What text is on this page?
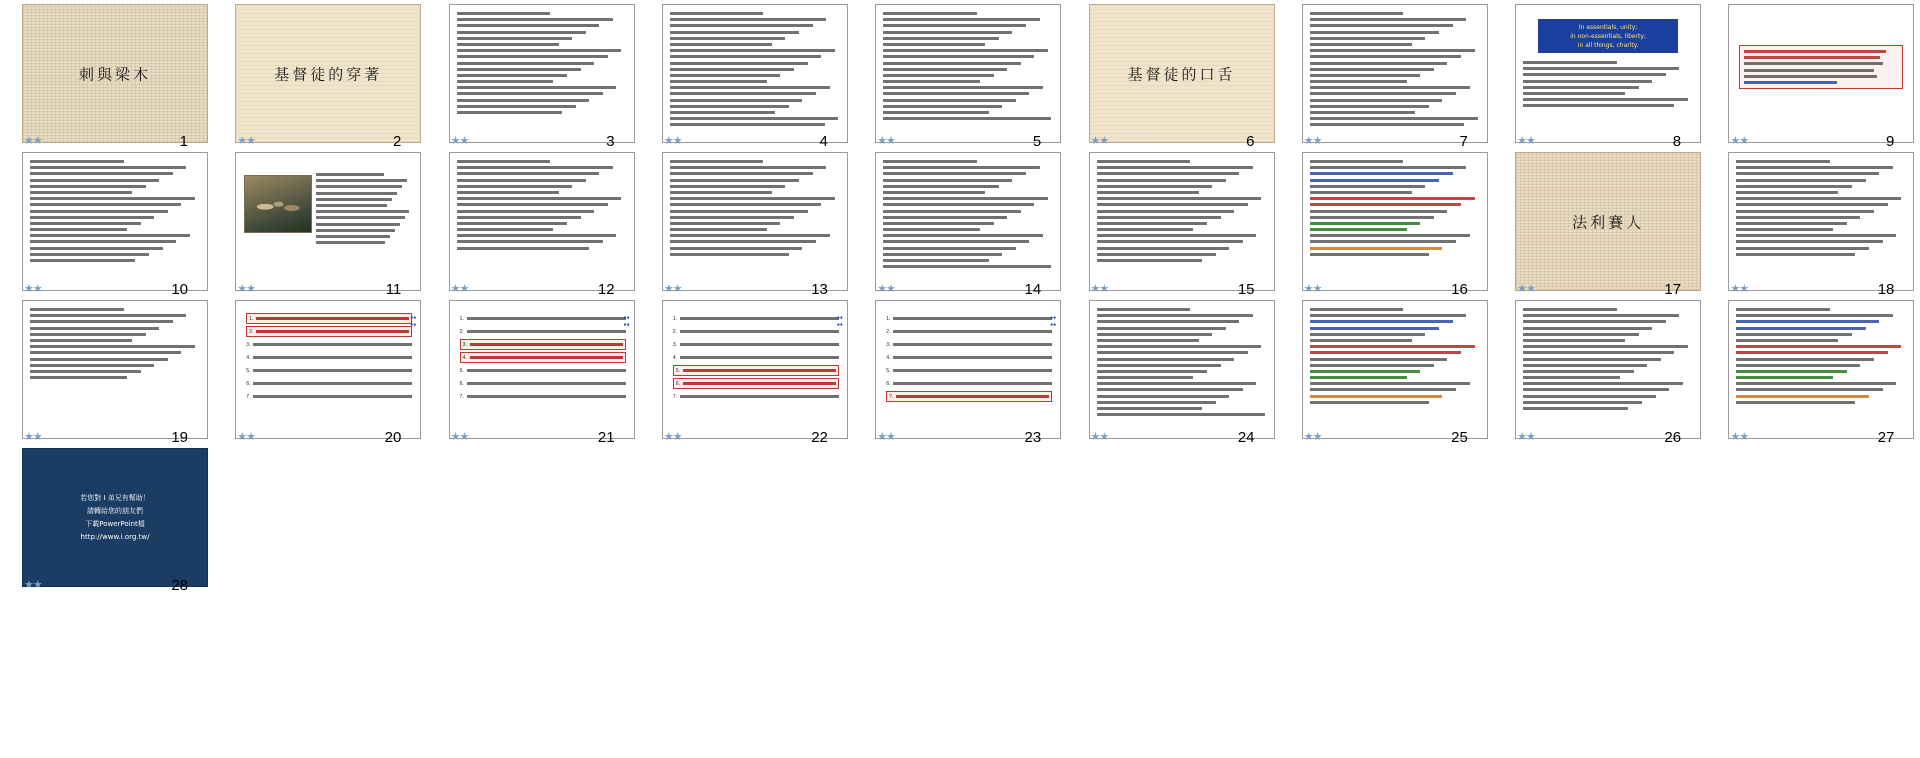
刺與梁木
★★	1
基督徒的穿著
★★	2	★★	3	★★	4	★★	5
基督徒的口舌
★★	6	★★	7
In essentials, unity;
in non-essentials, liberty;
in all things, charity.
★★	8	★★	9
★★	10	★★	11	★★	12	★★	13	★★	14	★★	15	★★	16
法利賽人
★★	17	★★	18
★★	19
1.
2.
3.
4.
5.
6.
7.
●●
●●
★★	20
1.
2.
3.
4.
5.
6.
7.
●●
●●
★★	21
1.
2.
3.
4.
5.
6.
7.
●●
●●
★★	22
1.
2.
3.
4.
5.
6.
7.
●●
●●
★★	23	★★	24	★★	25	★★	26	★★	27
若您對 I 弟兄有幫助！
請轉給您的朋友們
下載PowerPoint檔
http://www.i.org.tw/
★★	28
